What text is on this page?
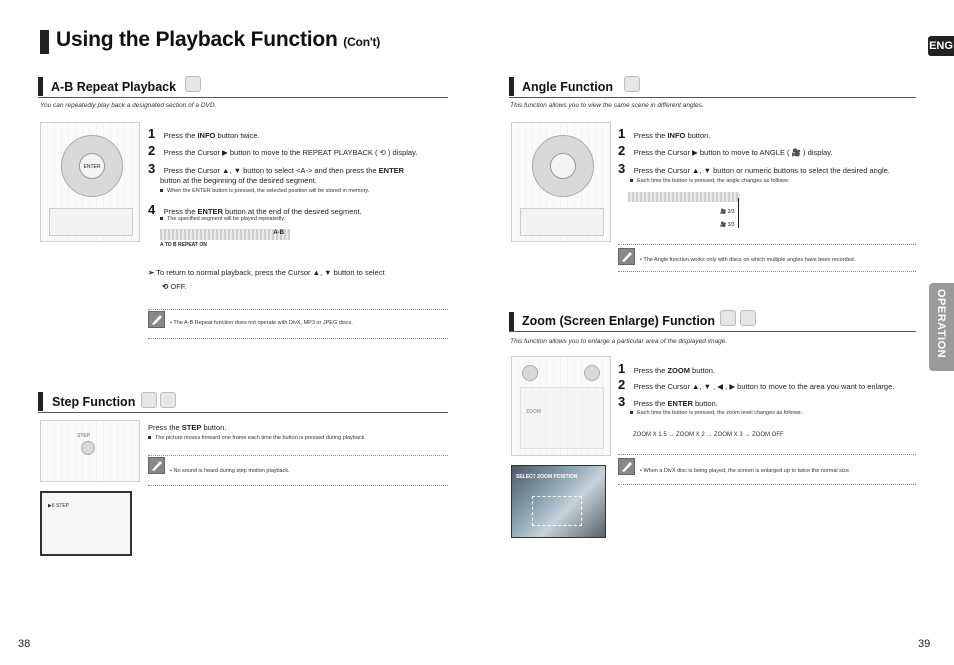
Using the Playback Function (Con't)	ENG
OPERATION
A-B Repeat Playback
You can repeatedly play back a designated section of a DVD.
ENTER
1 Press the INFO button twice.
2 Press the Cursor ▶ button to move to the REPEAT PLAYBACK ( ⟲ ) display.
3 Press the Cursor ▲, ▼ button to select <A-> and then press the ENTER
button at the beginning of the desired segment.
When the ENTER button is pressed, the selected position will be stored in memory.
4 Press the ENTER button at the end of the desired segment.
The specified segment will be played repeatedly.
A-B
A TO B REPEAT ON
➣ To return to normal playback, press the Cursor ▲, ▼ button to select
⟲ OFF.
• The A-B Repeat function does not operate with DivX, MP3 or JPEG discs.
Step Function
STEP
▶II STEP
Press the STEP button.
The picture moves forward one frame each time the button is pressed during playback.
• No sound is heard during step motion playback.
Angle Function
This function allows you to view the same scene in different angles.
1 Press the INFO button.
2 Press the Cursor ▶ button to move to ANGLE ( 🎥 ) display.
3 Press the Cursor ▲, ▼ button or numeric buttons to select the desired angle.
Each time the button is pressed, the angle changes as follows:
🎥 2/3
🎥 3/3
• The Angle function works only with discs on which multiple angles have been recorded.
Zoom (Screen Enlarge) Function
This function allows you to enlarge a particular area of the displayed image.
SELECT ZOOM POSITION
1 Press the ZOOM button.
2 Press the Cursor ▲, ▼ , ◀ , ▶ button to move to the area you want to enlarge.
3 Press the ENTER button.
Each time the button is pressed, the zoom level changes as follows:
ZOOM X 1.5 → ZOOM X 2 → ZOOM X 3 → ZOOM OFF
• When a DivX disc is being played, the screen is enlarged up to twice the normal size.
38	39
